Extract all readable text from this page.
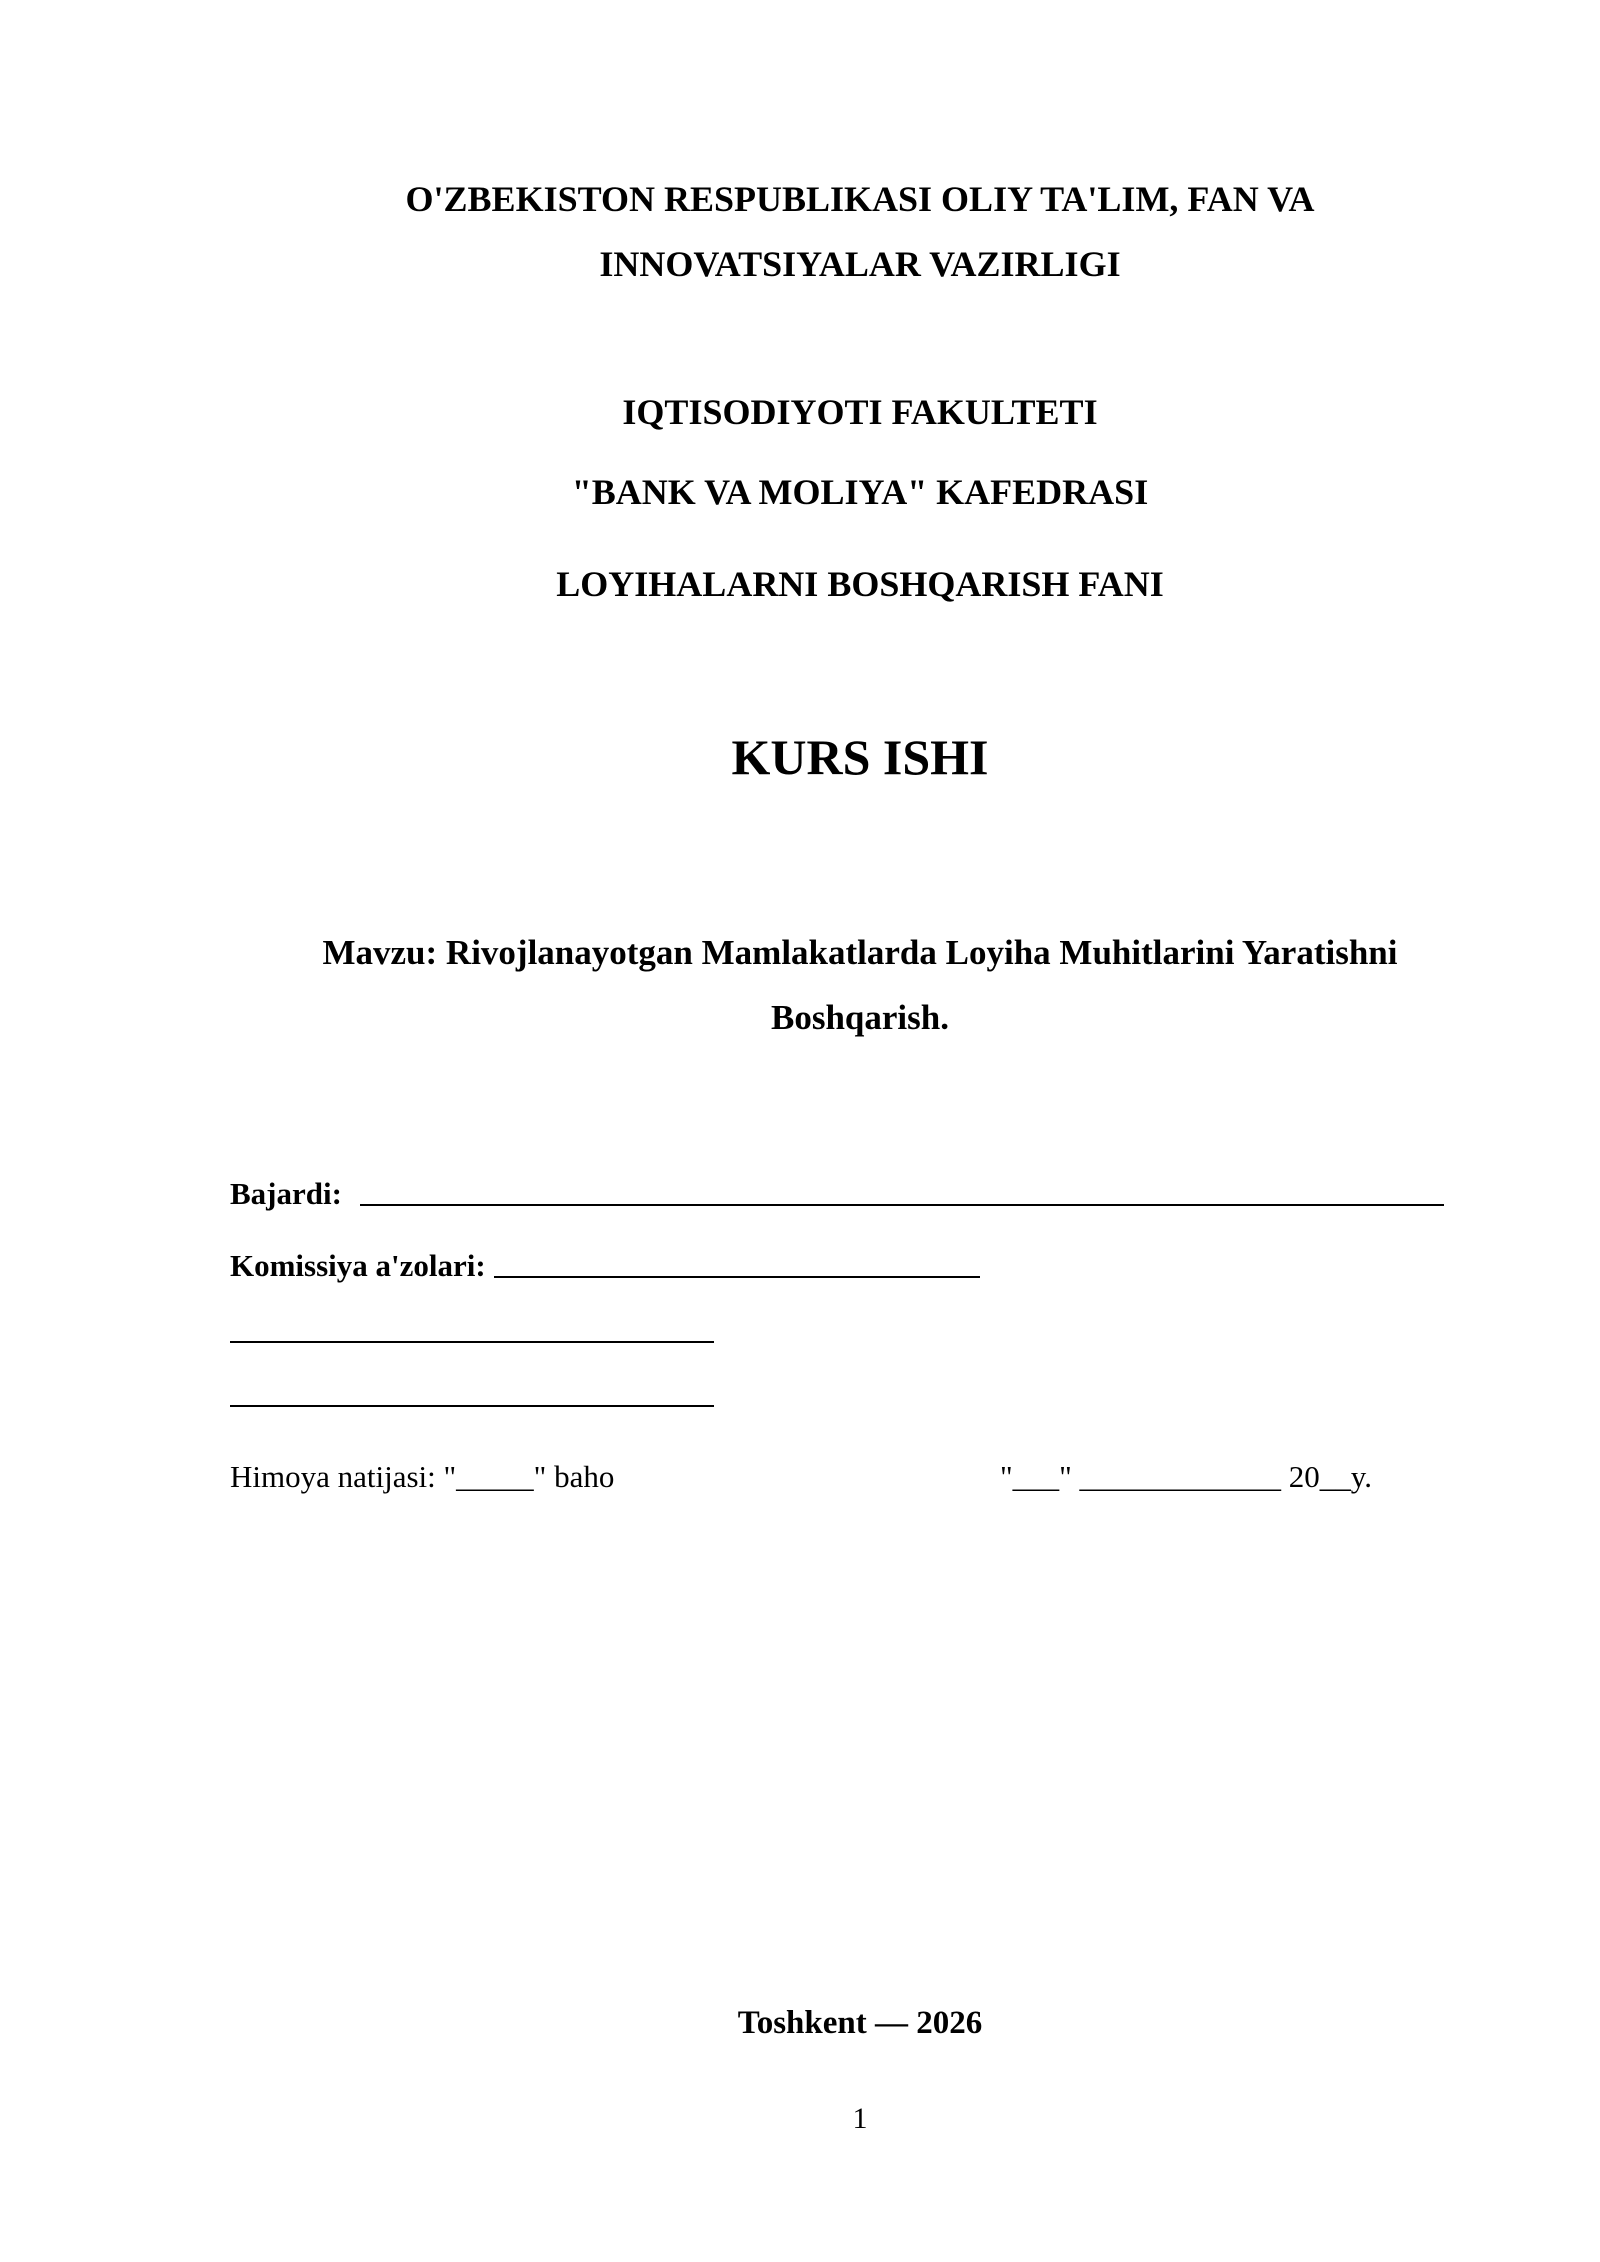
O'ZBEKISTON RESPUBLIKASI OLIY TA'LIM, FAN VA
INNOVATSIYALAR VAZIRLIGI
IQTISODIYOTI FAKULTETI
"BANK VA MOLIYA" KAFEDRASI
LOYIHALARNI BOSHQARISH FANI
KURS ISHI
Mavzu: Rivojlanayotgan Mamlakatlarda Loyiha Muhitlarini Yaratishni
Boshqarish.
Bajardi:
Komissiya a'zolari:
Himoya natijasi: "_____" baho	"___" _____________ 20__y.
Toshkent — 2026
1
